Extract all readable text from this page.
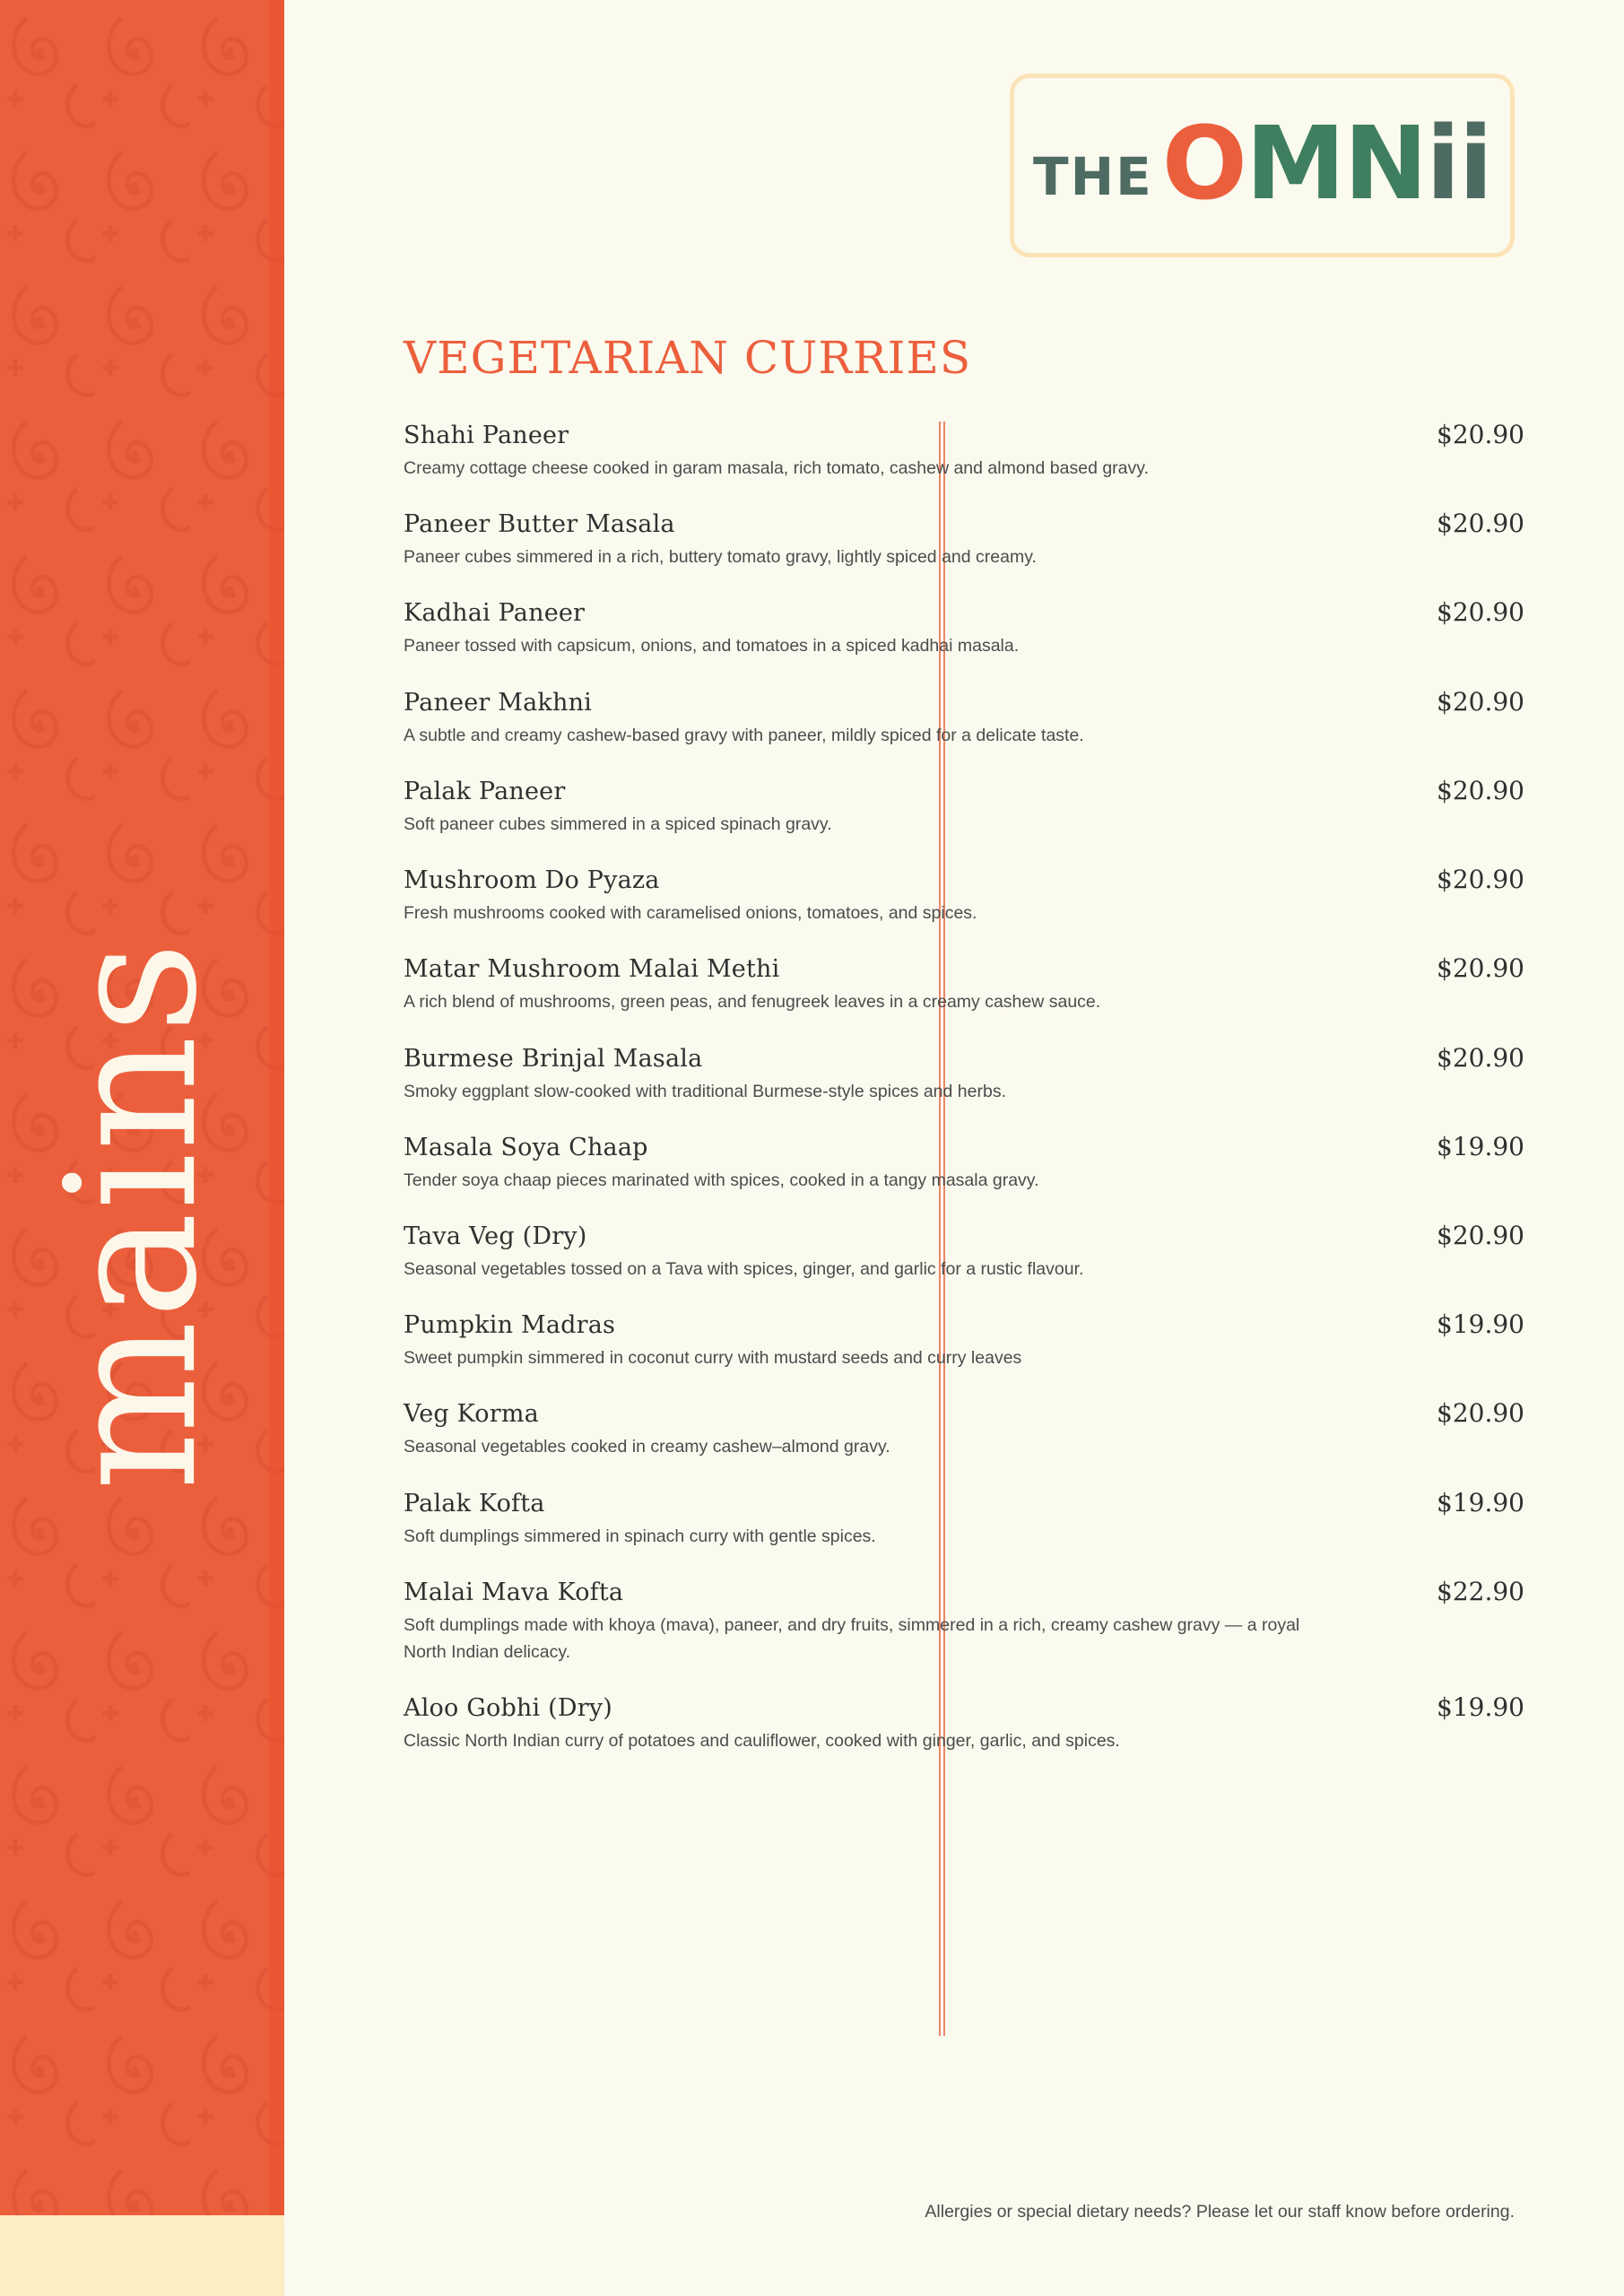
mains
THE OMNii
VEGETARIAN CURRIES
Shahi Paneer	$20.90
Creamy cottage cheese cooked in garam masala, rich tomato, cashew and almond based gravy.
Paneer Butter Masala	$20.90
Paneer cubes simmered in a rich, buttery tomato gravy, lightly spiced and creamy.
Kadhai Paneer	$20.90
Paneer tossed with capsicum, onions, and tomatoes in a spiced kadhai masala.
Paneer Makhni	$20.90
A subtle and creamy cashew-based gravy with paneer, mildly spiced for a delicate taste.
Palak Paneer	$20.90
Soft paneer cubes simmered in a spiced spinach gravy.
Mushroom Do Pyaza	$20.90
Fresh mushrooms cooked with caramelised onions, tomatoes, and spices.
Matar Mushroom Malai Methi	$20.90
A rich blend of mushrooms, green peas, and fenugreek leaves in a creamy cashew sauce.
Burmese Brinjal Masala	$20.90
Smoky eggplant slow-cooked with traditional Burmese-style spices and herbs.
Masala Soya Chaap	$19.90
Tender soya chaap pieces marinated with spices, cooked in a tangy masala gravy.
Tava Veg (Dry)	$20.90
Seasonal vegetables tossed on a Tava with spices, ginger, and garlic for a rustic flavour.
Pumpkin Madras	$19.90
Sweet pumpkin simmered in coconut curry with mustard seeds and curry leaves
Veg Korma	$20.90
Seasonal vegetables cooked in creamy cashew–almond gravy.
Palak Kofta	$19.90
Soft dumplings simmered in spinach curry with gentle spices.
Malai Mava Kofta	$22.90
Soft dumplings made with khoya (mava), paneer, and dry fruits, simmered in a rich, creamy cashew gravy — a royal North Indian delicacy.
Aloo Gobhi (Dry)	$19.90
Classic North Indian curry of potatoes and cauliflower, cooked with ginger, garlic, and spices.
Allergies or special dietary needs? Please let our staff know before ordering.
